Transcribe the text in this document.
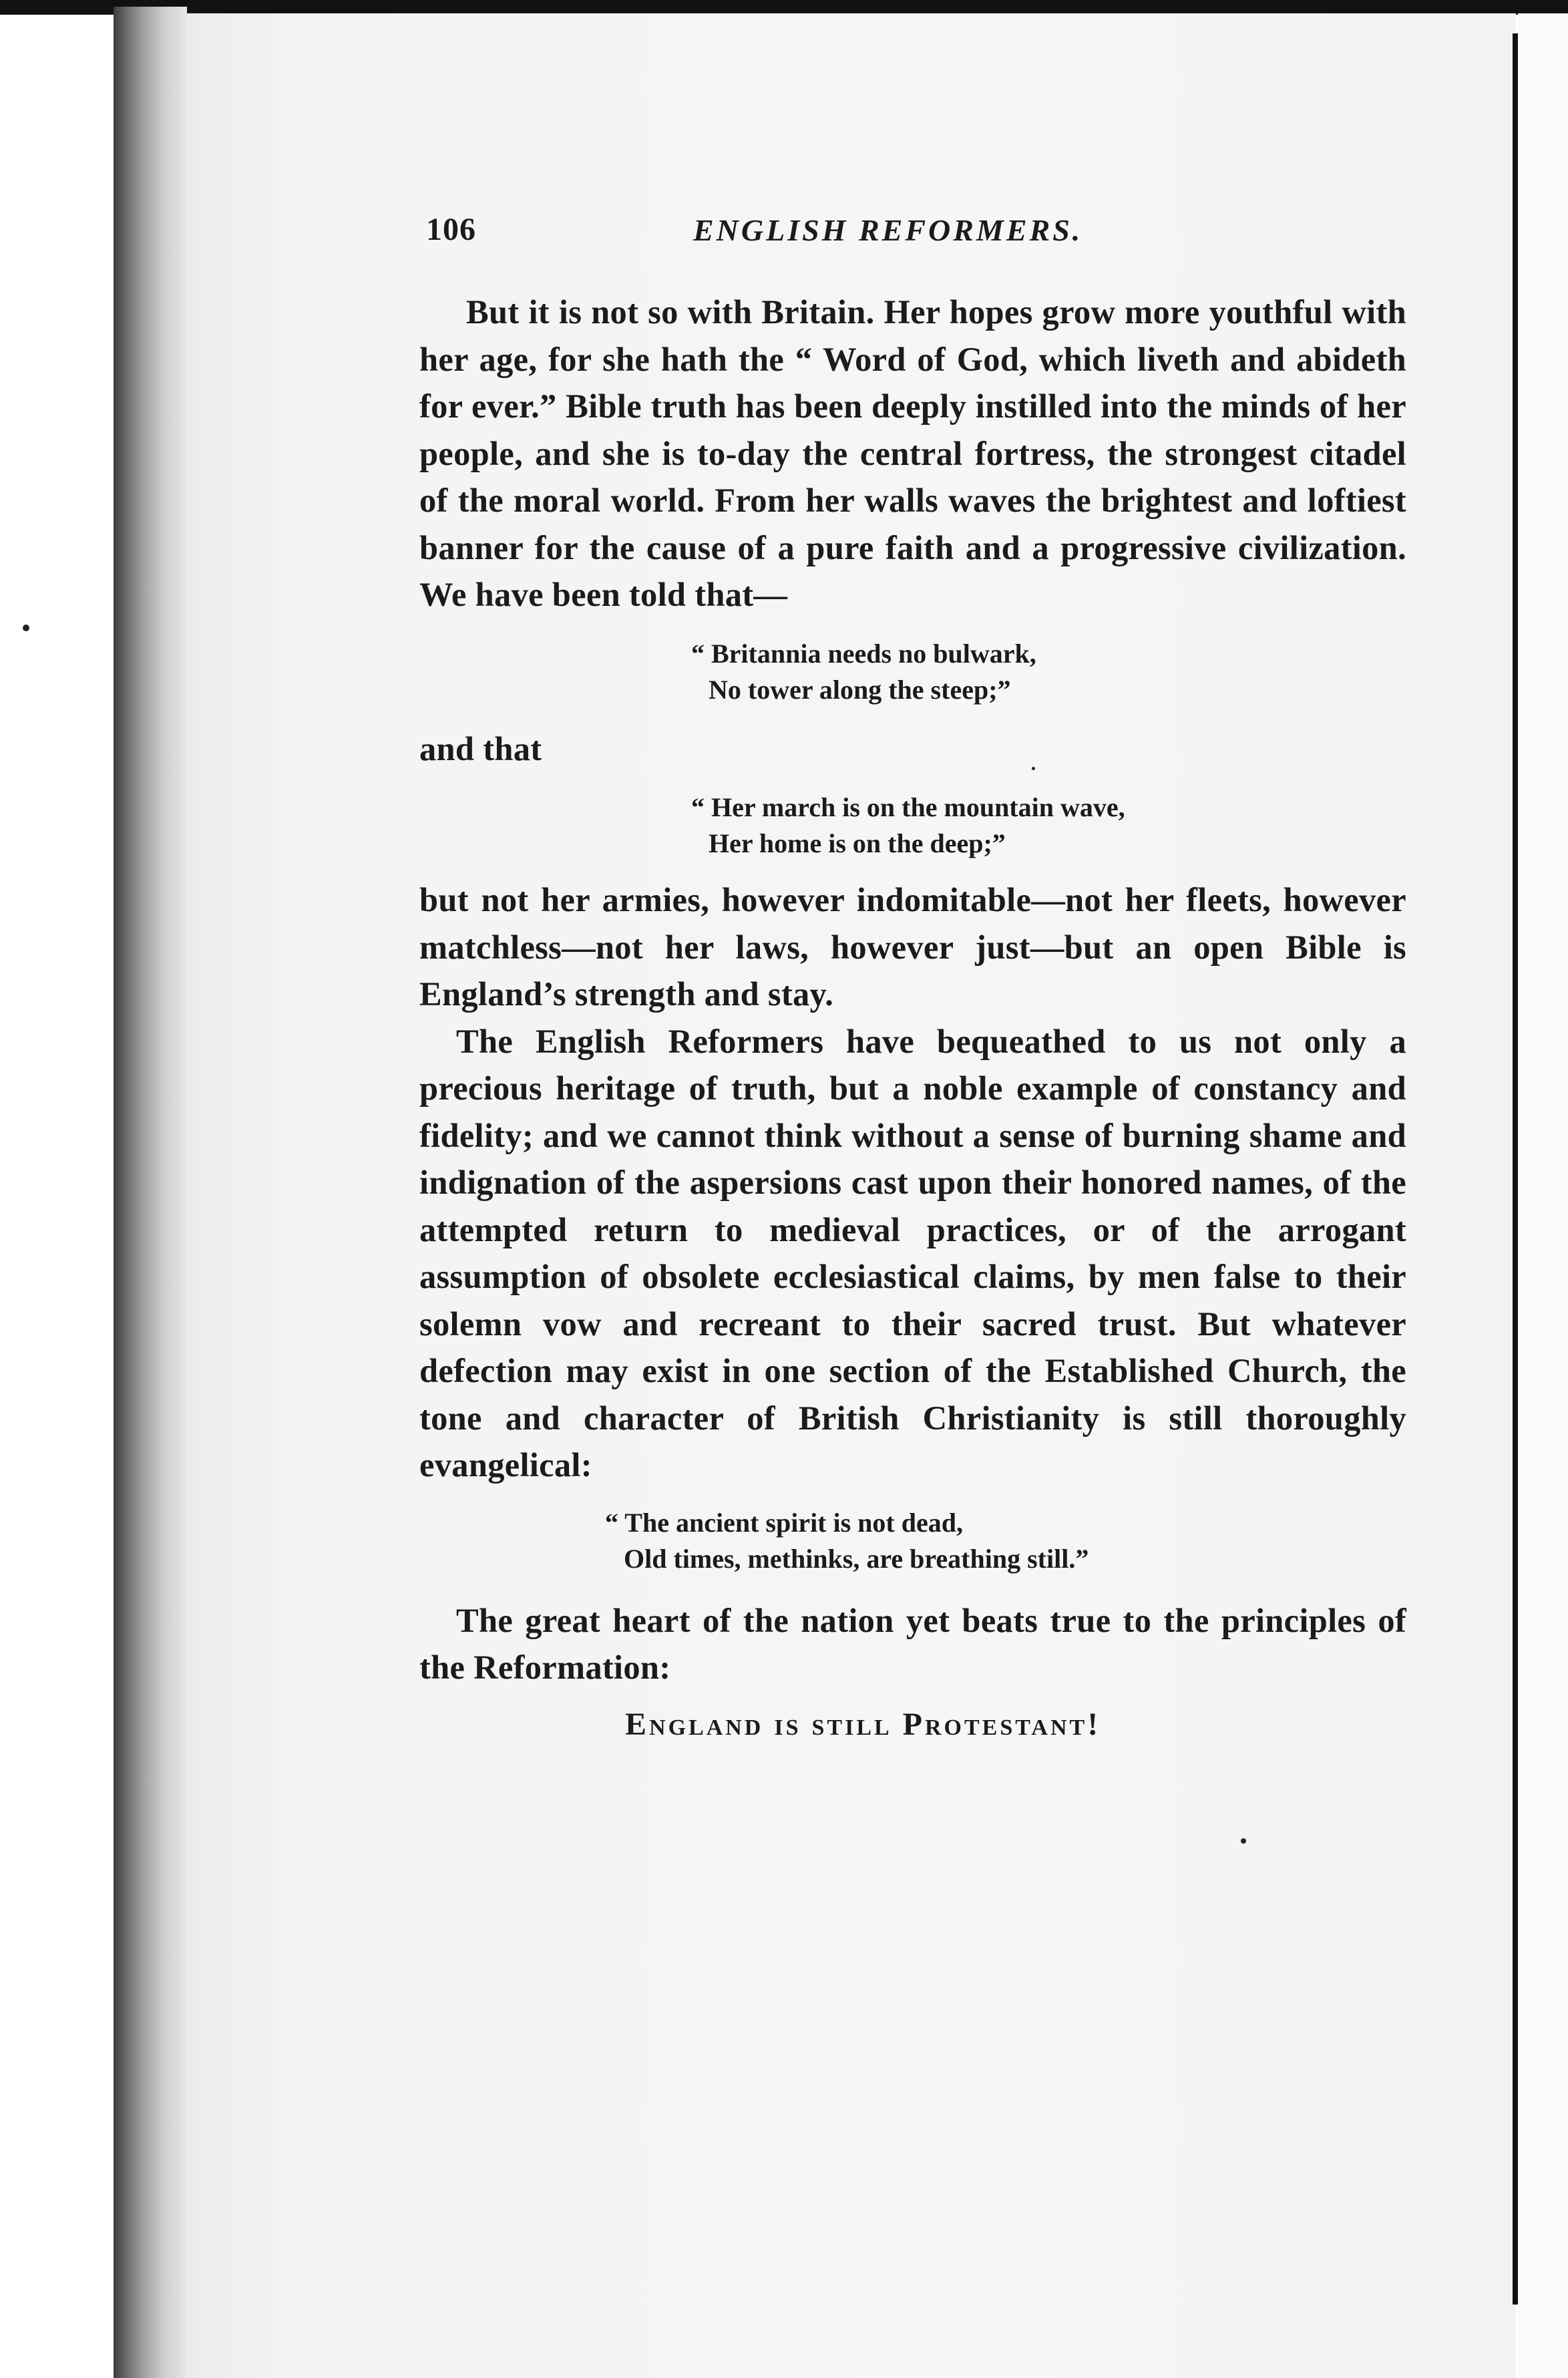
106	ENGLISH REFORMERS.

But it is not so with Britain. Her hopes grow more youthful with her age, for she hath the “ Word of God, which liveth and abideth for ever.” Bible truth has been deeply instilled into the minds of her people, and she is to-day the central fortress, the strongest citadel of the moral world. From her walls waves the brightest and loftiest banner for the cause of a pure faith and a progressive civilization. We have been told that—

“ Britannia needs no bulwark,
No tower along the steep;”

and that

“ Her march is on the mountain wave,
Her home is on the deep;”

but not her armies, however indomitable—not her fleets, however matchless—not her laws, however just—but an open Bible is England’s strength and stay.

The English Reformers have bequeathed to us not only a precious heritage of truth, but a noble example of constancy and fidelity; and we cannot think without a sense of burning shame and indignation of the aspersions cast upon their honored names, of the attempted return to medieval practices, or of the arrogant assumption of obsolete ecclesiastical claims, by men false to their solemn vow and recreant to their sacred trust. But whatever defection may exist in one section of the Established Church, the tone and character of British Christianity is still thoroughly evangelical:

“ The ancient spirit is not dead,
Old times, methinks, are breathing still.”

The great heart of the nation yet beats true to the principles of the Reformation:

England is still Protestant!
